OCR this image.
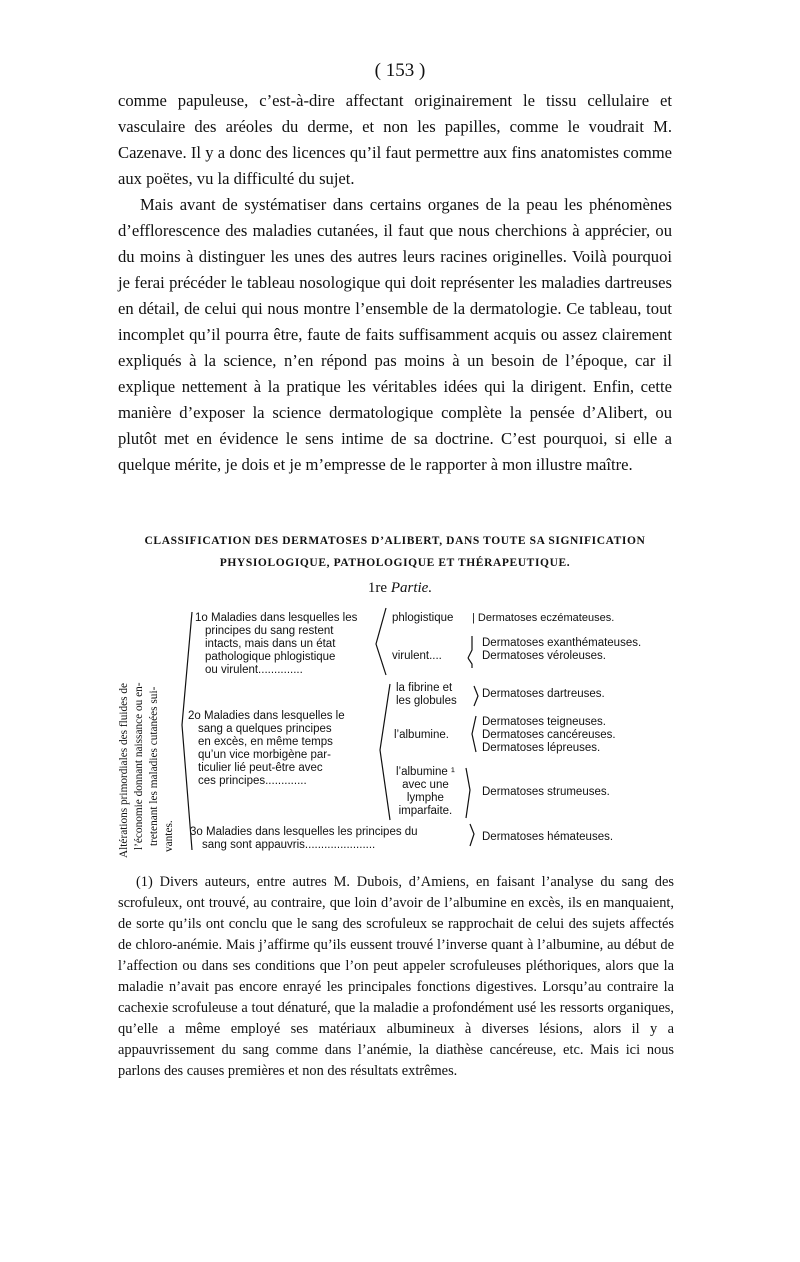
( 153 )

comme papuleuse, c’est-à-dire affectant originairement le tissu cellulaire et vasculaire des aréoles du derme, et non les papilles, comme le voudrait M. Cazenave. Il y a donc des licences qu’il faut permettre aux fins anatomistes comme aux poëtes, vu la difficulté du sujet.

Mais avant de systématiser dans certains organes de la peau les phénomènes d’efflorescence des maladies cutanées, il faut que nous cherchions à apprécier, ou du moins à distinguer les unes des autres leurs racines originelles. Voilà pourquoi je ferai précéder le tableau nosologique qui doit représenter les maladies dartreuses en détail, de celui qui nous montre l’ensemble de la dermatologie. Ce tableau, tout incomplet qu’il pourra être, faute de faits suffisamment acquis ou assez clairement expliqués à la science, n’en répond pas moins à un besoin de l’époque, car il explique nettement à la pratique les véritables idées qui la dirigent. Enfin, cette manière d’exposer la science dermatologique complète la pensée d’Alibert, ou plutôt met en évidence le sens intime de sa doctrine. C’est pourquoi, si elle a quelque mérite, je dois et je m’empresse de le rapporter à mon illustre maître.

CLASSIFICATION DES DERMATOSES D’ALIBERT, DANS TOUTE SA SIGNIFICATION
PHYSIOLOGIQUE, PATHOLOGIQUE ET THÉRAPEUTIQUE.
1re Partie.
Altérations primordiales des fluides de l’économie donnant naissance ou en- tretenant les maladies cutanées sui- vantes.
1o Maladies dans lesquelles les
principes du sang restent
intacts, mais dans un état
pathologique phlogistique
ou virulent..............
phlogistique | Dermatoses eczémateuses.
virulent....
Dermatoses exanthémateuses.
Dermatoses véroleuses.
2o Maladies dans lesquelles le
sang a quelques principes
en excès, en même temps
qu’un vice morbigène par-
ticulier lié peut-être avec
ces principes.............
la fibrine et
les globules
Dermatoses dartreuses.
l’albumine.
Dermatoses teigneuses.
Dermatoses cancéreuses.
Dermatoses lépreuses.
l’albumine ¹
avec une
lymphe
imparfaite.
Dermatoses strumeuses.
3o Maladies dans lesquelles les principes du
sang sont appauvris......................
Dermatoses hémateuses.

(1) Divers auteurs, entre autres M. Dubois, d’Amiens, en faisant l’analyse du sang des scrofuleux, ont trouvé, au contraire, que loin d’avoir de l’albumine en excès, ils en manquaient, de sorte qu’ils ont conclu que le sang des scrofuleux se rapprochait de celui des sujets affectés de chloro-anémie. Mais j’affirme qu’ils eussent trouvé l’inverse quant à l’albumine, au début de l’affection ou dans ses conditions que l’on peut appeler scrofuleuses pléthoriques, alors que la maladie n’avait pas encore enrayé les principales fonctions digestives. Lorsqu’au contraire la cachexie scrofuleuse a tout dénaturé, que la maladie a profondément usé les ressorts organiques, qu’elle a même employé ses matériaux albumineux à diverses lésions, alors il y a appauvrissement du sang comme dans l’anémie, la diathèse cancéreuse, etc. Mais ici nous parlons des causes premières et non des résultats extrêmes.
